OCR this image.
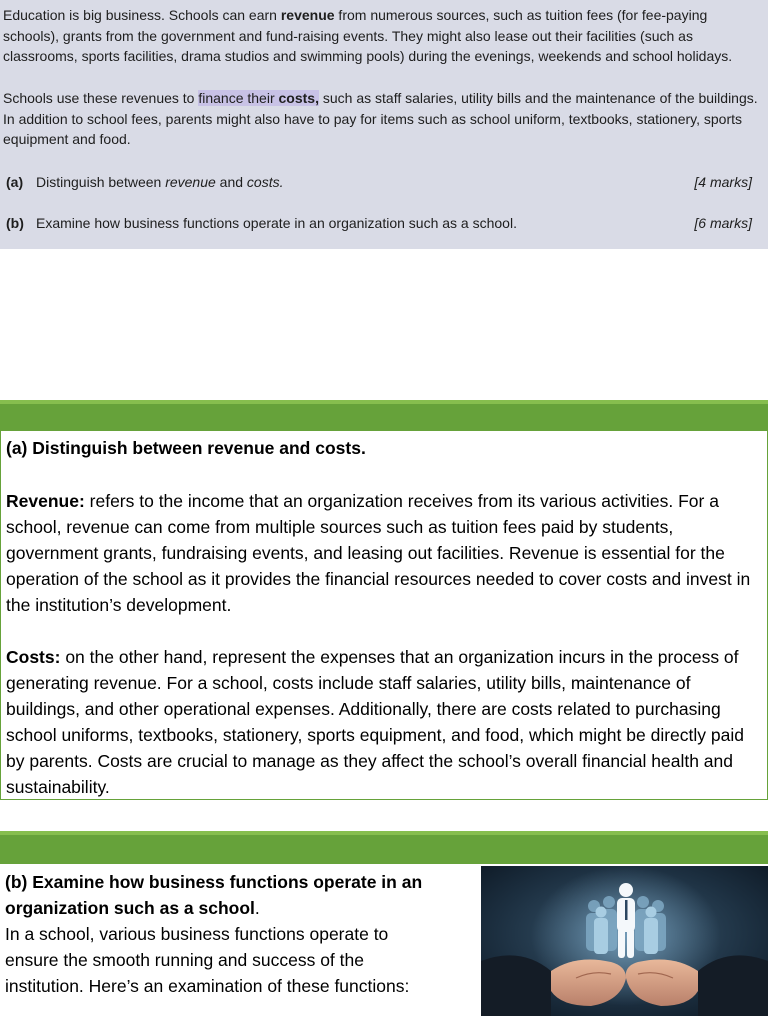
Education is big business. Schools can earn revenue from numerous sources, such as tuition fees (for fee-paying schools), grants from the government and fund-raising events. They might also lease out their facilities (such as classrooms, sports facilities, drama studios and swimming pools) during the evenings, weekends and school holidays.

Schools use these revenues to finance their costs, such as staff salaries, utility bills and the maintenance of the buildings. In addition to school fees, parents might also have to pay for items such as school uniform, textbooks, stationery, sports equipment and food.

(a) Distinguish between revenue and costs.	[4 marks]
(b) Examine how business functions operate in an organization such as a school.	[6 marks]
(a) Distinguish between revenue and costs.

Revenue: refers to the income that an organization receives from its various activities. For a school, revenue can come from multiple sources such as tuition fees paid by students, government grants, fundraising events, and leasing out facilities. Revenue is essential for the operation of the school as it provides the financial resources needed to cover costs and invest in the institution’s development.

Costs: on the other hand, represent the expenses that an organization incurs in the process of generating revenue. For a school, costs include staff salaries, utility bills, maintenance of buildings, and other operational expenses. Additionally, there are costs related to purchasing school uniforms, textbooks, stationery, sports equipment, and food, which might be directly paid by parents. Costs are crucial to manage as they affect the school’s overall financial health and sustainability.

(b) Examine how business functions operate in an
organization such as a school.
In a school, various business functions operate to
ensure the smooth running and success of the
institution. Here’s an examination of these functions:
